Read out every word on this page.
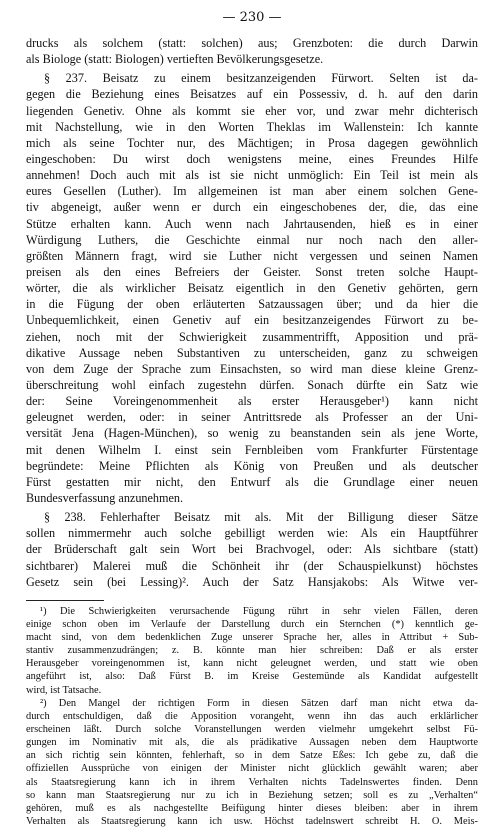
— 230 —
drucks als solchem (statt: solchen) aus; Grenzboten: die durch Darwin
als Biologe (statt: Biologen) vertieften Bevölkerungsgesetze.
§ 237. Beisatz zu einem besitzanzeigenden Fürwort. Selten ist da-
gegen die Beziehung eines Beisatzes auf ein Possessiv, d. h. auf den darin
liegenden Genetiv. Ohne als kommt sie eher vor, und zwar mehr dichterisch
mit Nachstellung, wie in den Worten Theklas im Wallenstein: Ich kannte
mich als seine Tochter nur, des Mächtigen; in Prosa dagegen gewöhnlich
eingeschoben: Du wirst doch wenigstens meine, eines Freundes Hilfe
annehmen! Doch auch mit als ist sie nicht unmöglich: Ein Teil ist mein als
eures Gesellen (Luther). Im allgemeinen ist man aber einem solchen Gene-
tiv abgeneigt, außer wenn er durch ein eingeschobenes der, die, das eine
Stütze erhalten kann. Auch wenn nach Jahrtausenden, hieß es in einer
Würdigung Luthers, die Geschichte einmal nur noch nach den aller-
größten Männern fragt, wird sie Luther nicht vergessen und seinen Namen
preisen als den eines Befreiers der Geister. Sonst treten solche Haupt-
wörter, die als wirklicher Beisatz eigentlich in den Genetiv gehörten, gern
in die Fügung der oben erläuterten Satzaussagen über; und da hier die
Unbequemlichkeit, einen Genetiv auf ein besitzanzeigendes Fürwort zu be-
ziehen, noch mit der Schwierigkeit zusammentrifft, Apposition und prä-
dikative Aussage neben Substantiven zu unterscheiden, ganz zu schweigen
von dem Zuge der Sprache zum Einsachsten, so wird man diese kleine Grenz-
überschreitung wohl einfach zugestehn dürfen. Sonach dürfte ein Satz wie
der: Seine Voreingenommenheit als erster Herausgeber¹) kann nicht
geleugnet werden, oder: in seiner Antrittsrede als Professer an der Uni-
versität Jena (Hagen-München), so wenig zu beanstanden sein als jene Worte,
mit denen Wilhelm I. einst sein Fernbleiben vom Frankfurter Fürstentage
begründete: Meine Pflichten als König von Preußen und als deutscher
Fürst gestatten mir nicht, den Entwurf als die Grundlage einer neuen
Bundesverfassung anzunehmen.
§ 238. Fehlerhafter Beisatz mit als. Mit der Billigung dieser Sätze
sollen nimmermehr auch solche gebilligt werden wie: Als ein Hauptführer
der Brüderschaft galt sein Wort bei Brachvogel, oder: Als sichtbare (statt)
sichtbarer) Malerei muß die Schönheit ihr (der Schauspielkunst) höchstes
Gesetz sein (bei Lessing)². Auch der Satz Hansjakobs: Als Witwe ver-
¹) Die Schwierigkeiten verursachende Fügung rührt in sehr vielen Fällen, deren
einige schon oben im Verlaufe der Darstellung durch ein Sternchen (*) kenntlich ge-
macht sind, von dem bedenklichen Zuge unserer Sprache her, alles in Attribut + Sub-
stantiv zusammenzudrängen; z. B. könnte man hier schreiben: Daß er als erster
Herausgeber voreingenommen ist, kann nicht geleugnet werden, und statt wie oben
angeführt ist, also: Daß Fürst B. im Kreise Gestemünde als Kandidat aufgestellt
wird, ist Tatsache.
²) Den Mangel der richtigen Form in diesen Sätzen darf man nicht etwa da-
durch entschuldigen, daß die Apposition vorangeht, wenn ihn das auch erklärlicher
erscheinen läßt. Durch solche Voranstellungen werden vielmehr umgekehrt selbst Fü-
gungen im Nominativ mit als, die als prädikative Aussagen neben dem Hauptworte
an sich richtig sein könnten, fehlerhaft, so in dem Satze Eßes: Ich gebe zu, daß die
offiziellen Aussprüche von einigen der Minister nicht glücklich gewählt waren; aber
als Staatsregierung kann ich in ihrem Verhalten nichts Tadelnswertes finden. Denn
so kann man Staatsregierung nur zu ich in Beziehung setzen; soll es zu „Verhalten“
gehören, muß es als nachgestellte Beifügung hinter dieses bleiben: aber in ihrem
Verhalten als Staatsregierung kann ich usw. Höchst tadelnswert schreibt H. O. Meis-
